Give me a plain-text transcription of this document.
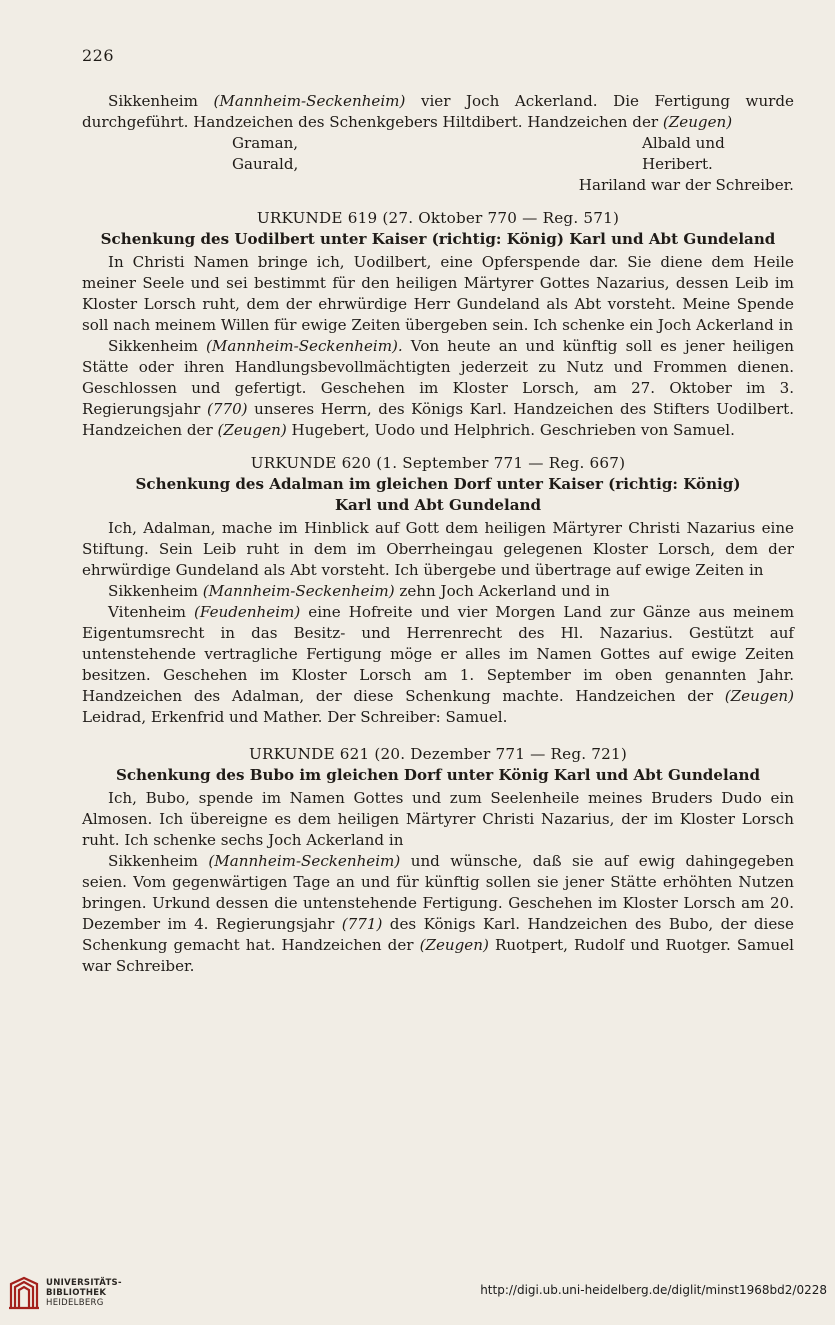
226

Sikkenheim (Mannheim-Seckenheim) vier Joch Ackerland. Die Fertigung wurde durchgeführt. Handzeichen des Schenkgebers Hiltdibert. Handzeichen der (Zeugen)

Graman,	Albald und
Gaurald,	Heribert.
Hariland war der Schreiber.
URKUNDE 619 (27. Oktober 770 — Reg. 571)
Schenkung des Uodilbert unter Kaiser (richtig: König) Karl und Abt Gundeland

In Christi Namen bringe ich, Uodilbert, eine Opferspende dar. Sie diene dem Heile meiner Seele und sei bestimmt für den heiligen Märtyrer Gottes Nazarius, dessen Leib im Kloster Lorsch ruht, dem der ehrwürdige Herr Gundeland als Abt vorsteht. Meine Spende soll nach meinem Willen für ewige Zeiten übergeben sein. Ich schenke ein Joch Ackerland in

Sikkenheim (Mannheim-Seckenheim). Von heute an und künftig soll es jener heiligen Stätte oder ihren Handlungsbevollmächtigten jederzeit zu Nutz und Frommen dienen. Geschlossen und gefertigt. Geschehen im Kloster Lorsch, am 27. Oktober im 3. Regierungsjahr (770) unseres Herrn, des Königs Karl. Handzeichen des Stifters Uodilbert. Handzeichen der (Zeugen) Hugebert, Uodo und Helphrich. Geschrieben von Samuel.

URKUNDE 620 (1. September 771 — Reg. 667)
Schenkung des Adalman im gleichen Dorf unter Kaiser (richtig: König)
Karl und Abt Gundeland

Ich, Adalman, mache im Hinblick auf Gott dem heiligen Märtyrer Christi Nazarius eine Stiftung. Sein Leib ruht in dem im Oberrheingau gelegenen Kloster Lorsch, dem der ehrwürdige Gundeland als Abt vorsteht. Ich übergebe und übertrage auf ewige Zeiten in

Sikkenheim (Mannheim-Seckenheim) zehn Joch Ackerland und in

Vitenheim (Feudenheim) eine Hofreite und vier Morgen Land zur Gänze aus meinem Eigentumsrecht in das Besitz- und Herrenrecht des Hl. Nazarius. Gestützt auf untenstehende vertragliche Fertigung möge er alles im Namen Gottes auf ewige Zeiten besitzen. Geschehen im Kloster Lorsch am 1. September im oben genannten Jahr. Handzeichen des Adalman, der diese Schenkung machte. Handzeichen der (Zeugen) Leidrad, Erkenfrid und Mather. Der Schreiber: Samuel.

URKUNDE 621 (20. Dezember 771 — Reg. 721)
Schenkung des Bubo im gleichen Dorf unter König Karl und Abt Gundeland

Ich, Bubo, spende im Namen Gottes und zum Seelenheile meines Bruders Dudo ein Almosen. Ich übereigne es dem heiligen Märtyrer Christi Nazarius, der im Kloster Lorsch ruht. Ich schenke sechs Joch Ackerland in

Sikkenheim (Mannheim-Seckenheim) und wünsche, daß sie auf ewig dahingegeben seien. Vom gegenwärtigen Tage an und für künftig sollen sie jener Stätte erhöhten Nutzen bringen. Urkund dessen die untenstehende Fertigung. Geschehen im Kloster Lorsch am 20. Dezember im 4. Regierungsjahr (771) des Königs Karl. Handzeichen des Bubo, der diese Schenkung gemacht hat. Handzeichen der (Zeugen) Ruotpert, Rudolf und Ruotger. Samuel war Schreiber.

UNIVERSITÄTS-
BIBLIOTHEK
HEIDELBERG
http://digi.ub.uni-heidelberg.de/diglit/minst1968bd2/0228
